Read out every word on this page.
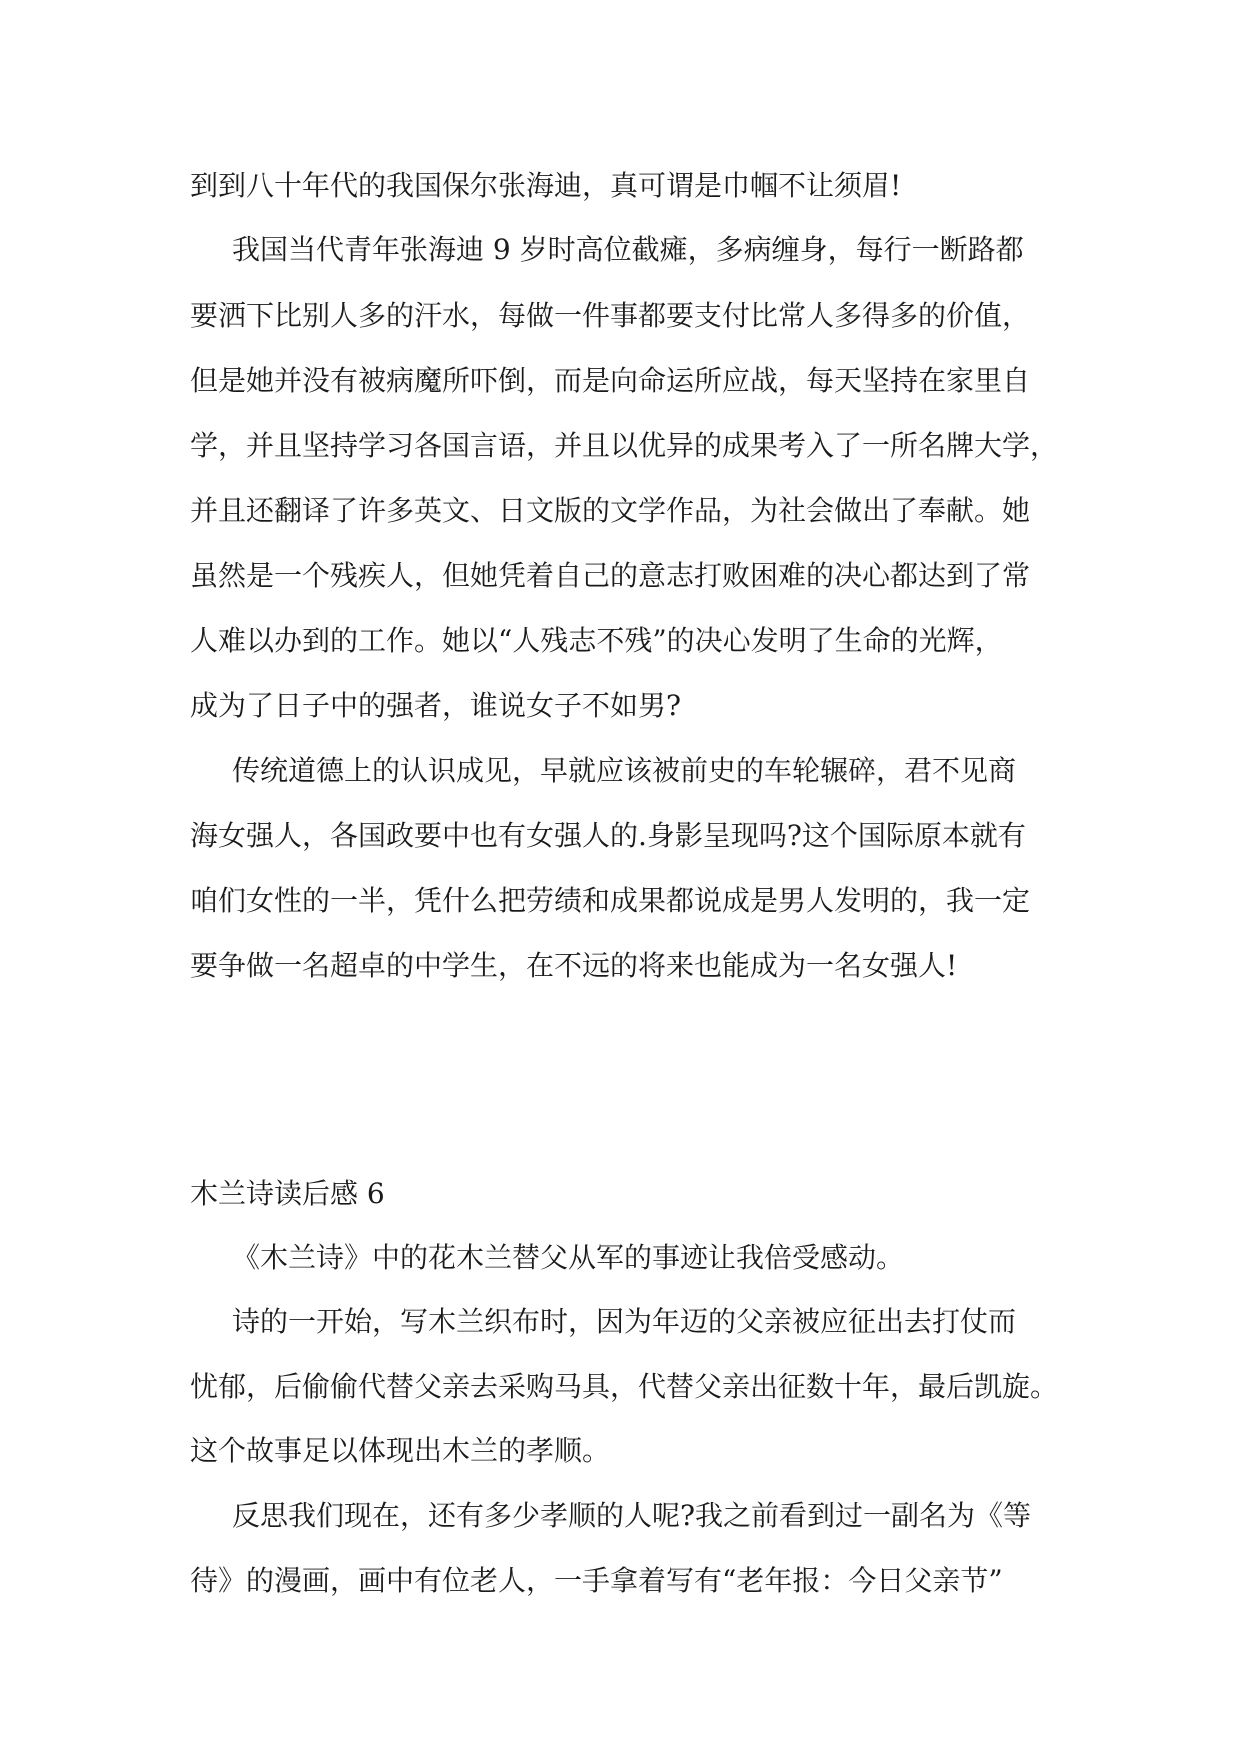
到到八十年代的我国保尔张海迪，真可谓是巾帼不让须眉!
我国当代青年张海迪 9 岁时高位截瘫，多病缠身，每行一断路都
要洒下比别人多的汗水，每做一件事都要支付比常人多得多的价值，
但是她并没有被病魔所吓倒，而是向命运所应战，每天坚持在家里自
学，并且坚持学习各国言语，并且以优异的成果考入了一所名牌大学，
并且还翻译了许多英文、日文版的文学作品，为社会做出了奉献。她
虽然是一个残疾人，但她凭着自己的意志打败困难的决心都达到了常
人难以办到的工作。她以“人残志不残”的决心发明了生命的光辉，
成为了日子中的强者，谁说女子不如男?
传统道德上的认识成见，早就应该被前史的车轮辗碎，君不见商
海女强人，各国政要中也有女强人的.身影呈现吗?这个国际原本就有
咱们女性的一半，凭什么把劳绩和成果都说成是男人发明的，我一定
要争做一名超卓的中学生，在不远的将来也能成为一名女强人!
木兰诗读后感 6
《木兰诗》中的花木兰替父从军的事迹让我倍受感动。
诗的一开始，写木兰织布时，因为年迈的父亲被应征出去打仗而
忧郁，后偷偷代替父亲去采购马具，代替父亲出征数十年，最后凯旋。
这个故事足以体现出木兰的孝顺。
反思我们现在，还有多少孝顺的人呢?我之前看到过一副名为《等
待》的漫画，画中有位老人，一手拿着写有“老年报：今日父亲节”
